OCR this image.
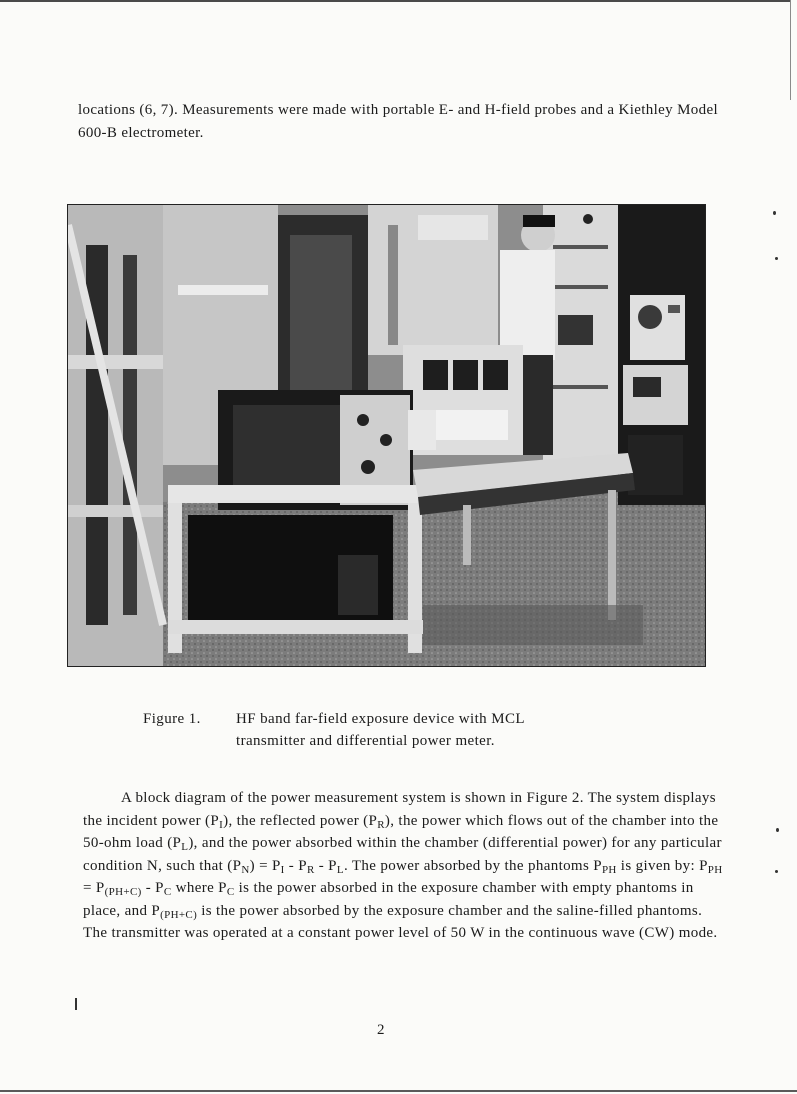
locations (6, 7). Measurements were made with portable E- and H-field probes and a Kiethley Model 600-B electrometer.
Figure 1. HF band far-field exposure device with MCL
transmitter and differential power meter.

A block diagram of the power measurement system is shown in Figure 2. The system displays the incident power $(P_I)$, the reflected power $(P_R)$, the power which flows out of the chamber into the 50-ohm load $(P_L)$, and the power absorbed within the chamber (differential power) for any particular condition N, such that $(P_N) = P_I - P_R - P_L$. The power absorbed by the phantoms $P_{PH}$ is given by: $P_{PH} = P_{(PH+C)} - P_C$ where $P_C$ is the power absorbed in the exposure chamber with empty phantoms in place, and $P_{(PH+C)}$ is the power absorbed by the exposure chamber and the saline-filled phantoms. The transmitter was operated at a constant power level of 50 W in the continuous wave (CW) mode.

2
